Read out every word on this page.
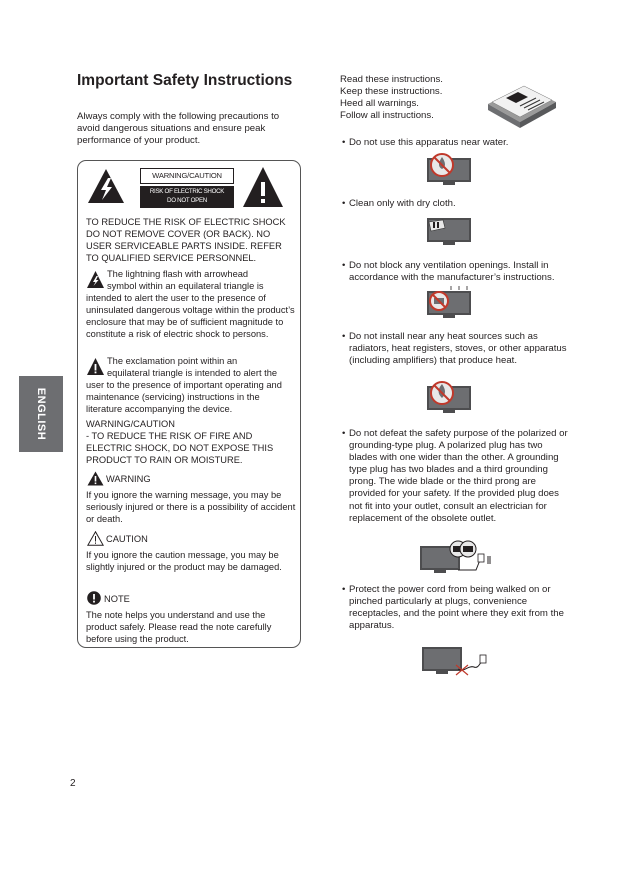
Important Safety Instructions
Always comply with the following precautions to avoid dangerous situations and ensure peak performance of your product.
WARNING/CAUTION
RISK OF ELECTRIC SHOCK
DO NOT OPEN
TO REDUCE THE RISK OF ELECTRIC SHOCK DO NOT REMOVE COVER (OR BACK). NO USER SERVICEABLE PARTS INSIDE. REFER TO QUALIFIED SERVICE PERSONNEL.
The lightning flash with arrowhead
symbol within an equilateral triangle is
intended to alert the user to the presence of uninsulated dangerous voltage within the product’s enclosure that may be of sufficient magnitude to constitute a risk of electric shock to persons.
The exclamation point within an
equilateral triangle is intended to alert the
user to the presence of important operating and maintenance (servicing) instructions in the literature accompanying the device.
WARNING/CAUTION
- TO REDUCE THE RISK OF FIRE AND ELECTRIC SHOCK, DO NOT EXPOSE THIS PRODUCT TO RAIN OR MOISTURE.
WARNING
If you ignore the warning message, you may be seriously injured or there is a possibility of accident or death.
CAUTION
If you ignore the caution message, you may be slightly injured or the product may be damaged.
NOTE
The note helps you understand and use the product safely. Please read the note carefully before using the product.
ENGLISH
2
Read these instructions.
Keep these instructions.
Heed all warnings.
Follow all instructions.
• Do not use this apparatus near water.
• Clean only with dry cloth.
• Do not block any ventilation openings. Install in accordance with the manufacturer’s instructions.
• Do not install near any heat sources such as radiators, heat registers, stoves, or other apparatus (including amplifiers) that produce heat.
• Do not defeat the safety purpose of the polarized or grounding-type plug. A polarized plug has two blades with one wider than the other. A grounding type plug has two blades and a third grounding prong. The wide blade or the third prong are provided for your safety. If the provided plug does not fit into your outlet, consult an electrician for replacement of the obsolete outlet.
• Protect the power cord from being walked on or pinched particularly at plugs, convenience receptacles, and the point where they exit from the apparatus.
